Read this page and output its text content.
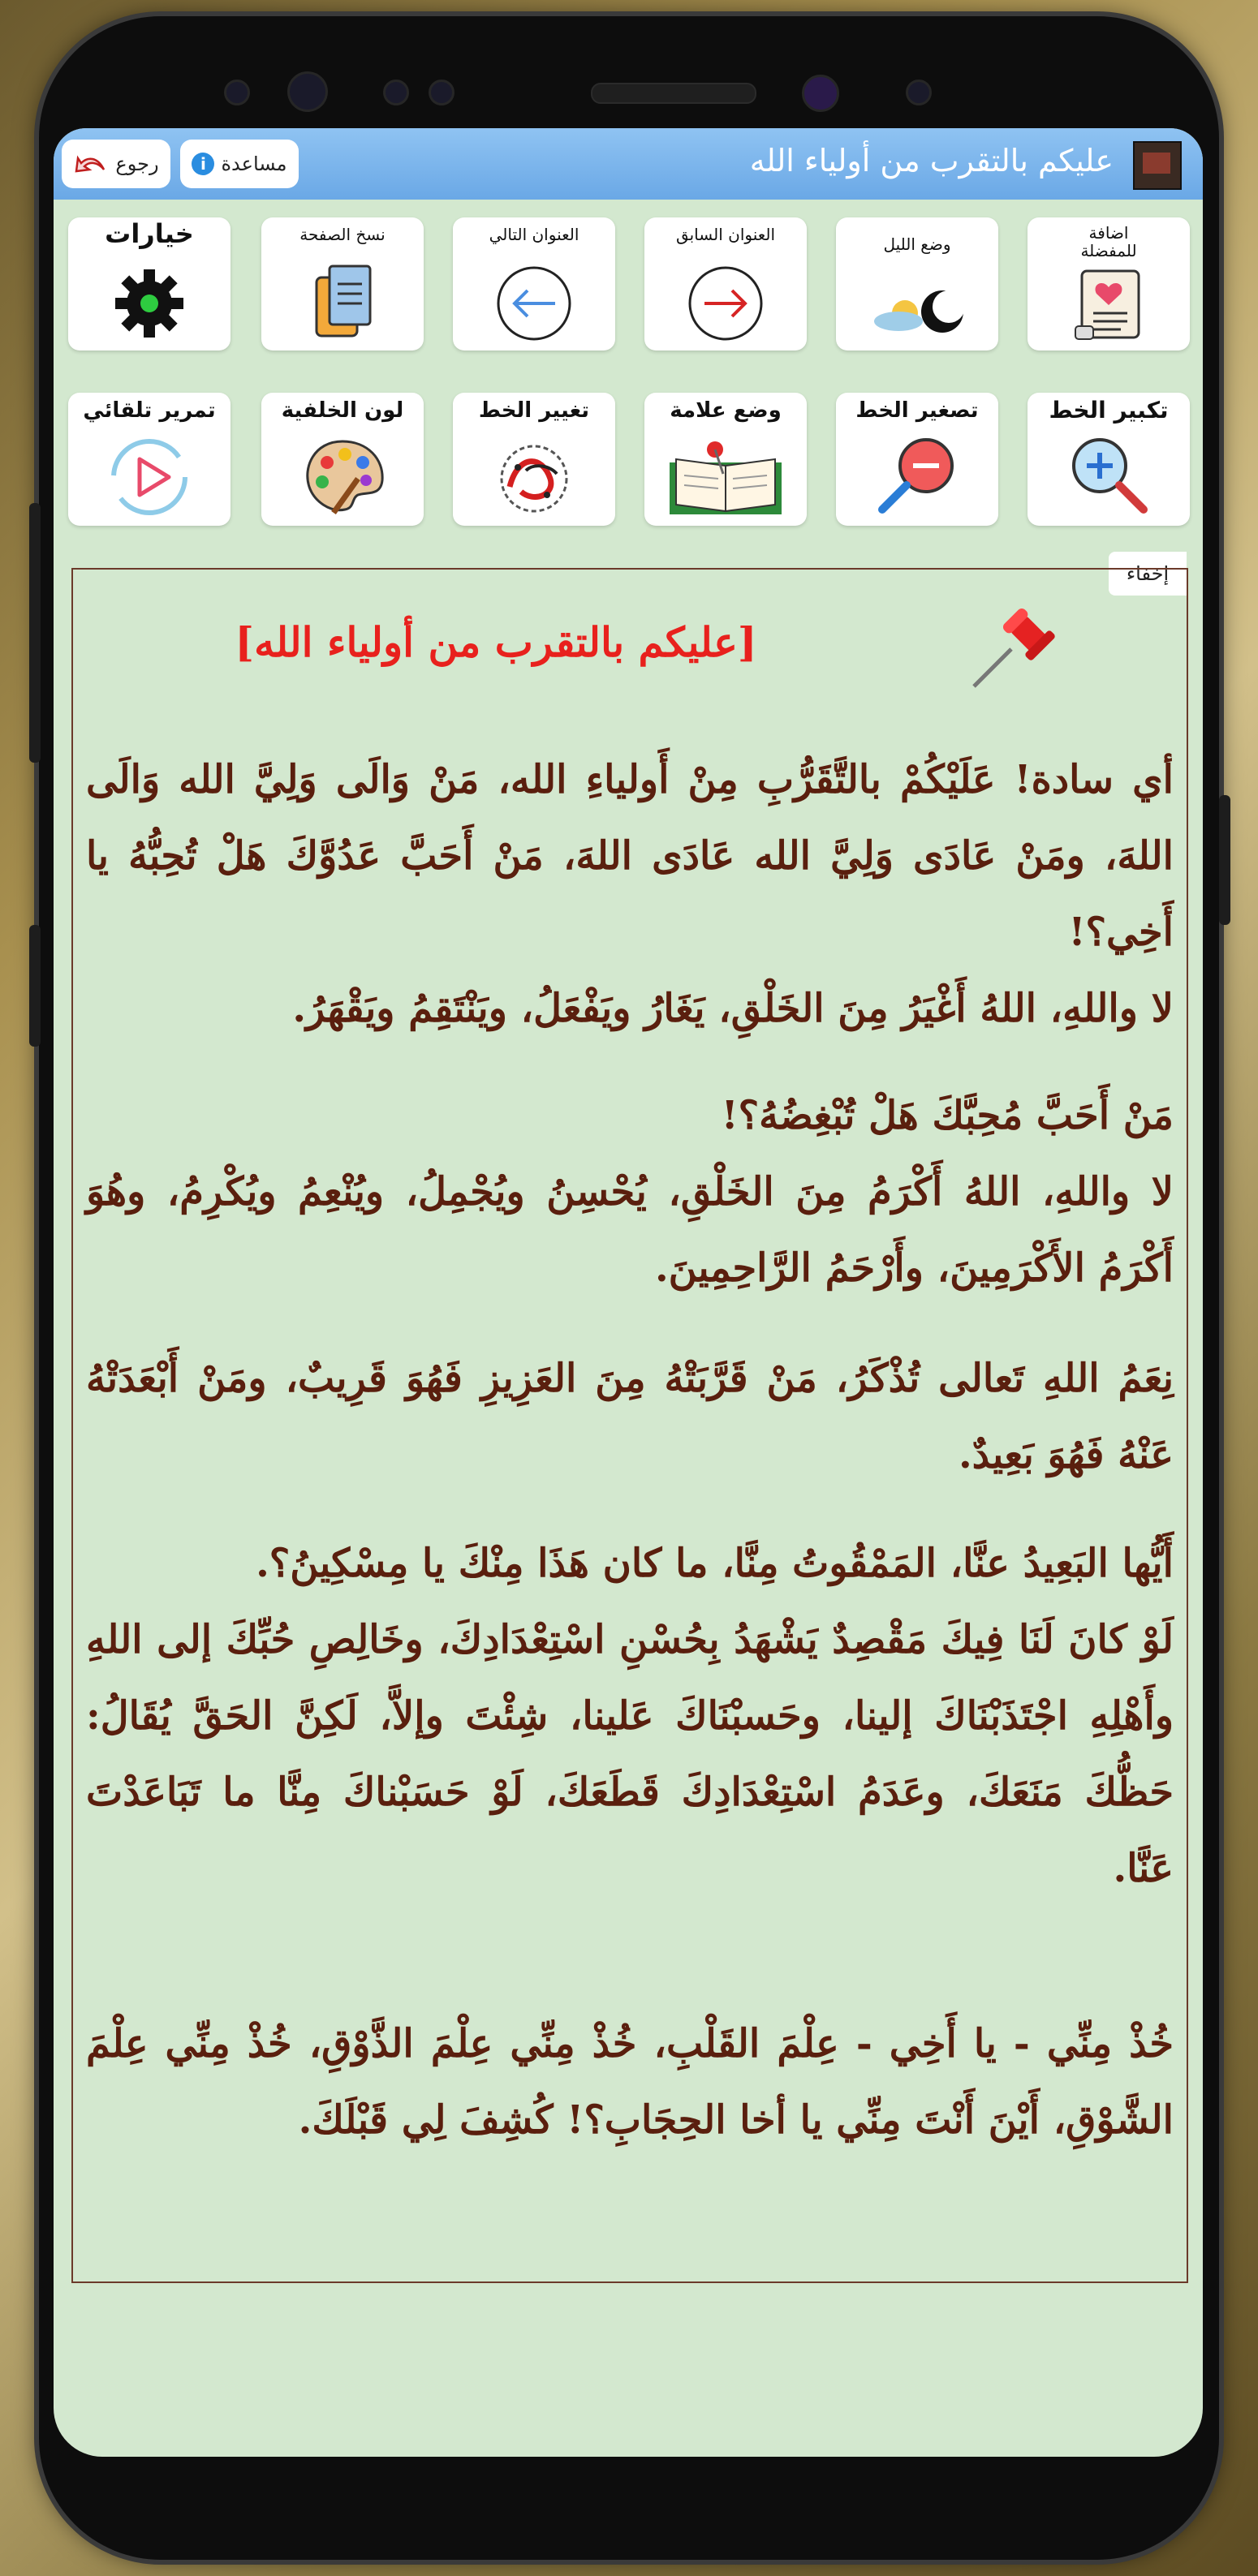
عليكم بالتقرب من أولياء الله
i مساعدة
رجوع
اضافة للمفضلة
وضع الليل
العنوان السابق
العنوان التالي
نسخ الصفحة
خيارات
تكبير الخط
تصغير الخط
وضع علامة
تغيير الخط
لون الخلفية
تمرير تلقائي
إخفاء
[عليكم بالتقرب من أولياء الله]
أي سادة! عَلَيْكُمْ بالتَّقَرُّبِ مِنْ أَولياءِ الله، مَنْ وَالَى وَلِيَّ الله وَالَى اللهَ، ومَنْ عَادَى وَلِيَّ الله عَادَى اللهَ، مَنْ أَحَبَّ عَدُوَّكَ هَلْ تُحِبُّهُ يا أَخِي؟!
لا واللهِ، اللهُ أَغْيَرُ مِنَ الخَلْقِ، يَغَارُ ويَفْعَلُ، ويَنْتَقِمُ ويَقْهَرُ.
مَنْ أَحَبَّ مُحِبَّكَ هَلْ تُبْغِضُهُ؟!
لا واللهِ، اللهُ أَكْرَمُ مِنَ الخَلْقِ، يُحْسِنُ ويُجْمِلُ، ويُنْعِمُ ويُكْرِمُ، وهُوَ أَكْرَمُ الأَكْرَمِينَ، وأَرْحَمُ الرَّاحِمِينَ.
نِعَمُ اللهِ تَعالى تُذْكَرُ، مَنْ قَرَّبَتْهُ مِنَ العَزِيزِ فَهُوَ قَرِيبٌ، ومَنْ أَبْعَدَتْهُ عَنْهُ فَهُوَ بَعِيدٌ.
أَيُّها البَعِيدُ عنَّا، المَمْقُوتُ مِنَّا، ما كان هَذَا مِنْكَ يا مِسْكِينُ؟.
لَوْ كانَ لَنَا فِيكَ مَقْصِدٌ يَشْهَدُ بِحُسْنِ اسْتِعْدَادِكَ، وخَالِصِ حُبِّكَ إلى اللهِ وأَهْلِهِ اجْتَذَبْنَاكَ إلينا، وحَسبْنَاكَ عَلينا، شِئْتَ وإلاَّ، لَكِنَّ الحَقَّ يُقَالُ: حَظُّكَ مَنَعَكَ، وعَدَمُ اسْتِعْدَادِكَ قَطَعَكَ، لَوْ حَسَبْناكَ مِنَّا ما تَبَاعَدْتَ عَنَّا.
خُذْ مِنِّي - يا أَخِي - عِلْمَ القَلْبِ، خُذْ مِنِّي عِلْمَ الذَّوْقِ، خُذْ مِنِّي عِلْمَ الشَّوْقِ، أَيْنَ أَنْتَ مِنِّي يا أخا الحِجَابِ؟! كُشِفَ لِي قَبْلَكَ.
